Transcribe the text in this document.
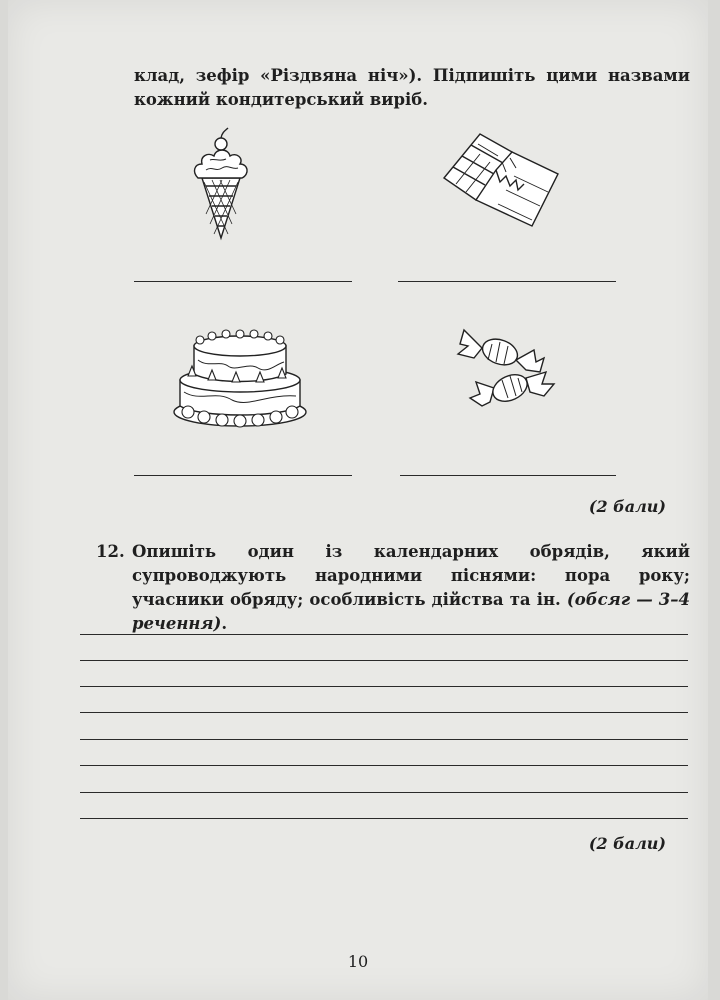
клад, зефір «Різдвяна ніч»). Підпишіть цими назвами кожний кондитерський виріб.
(2 бали)
12. Опишіть один із календарних обрядів, який супроводжують народними піснями: пора року; учасники обряду; особливість дійства та ін. (обсяг — 3–4 речення).
(2 бали)
10
